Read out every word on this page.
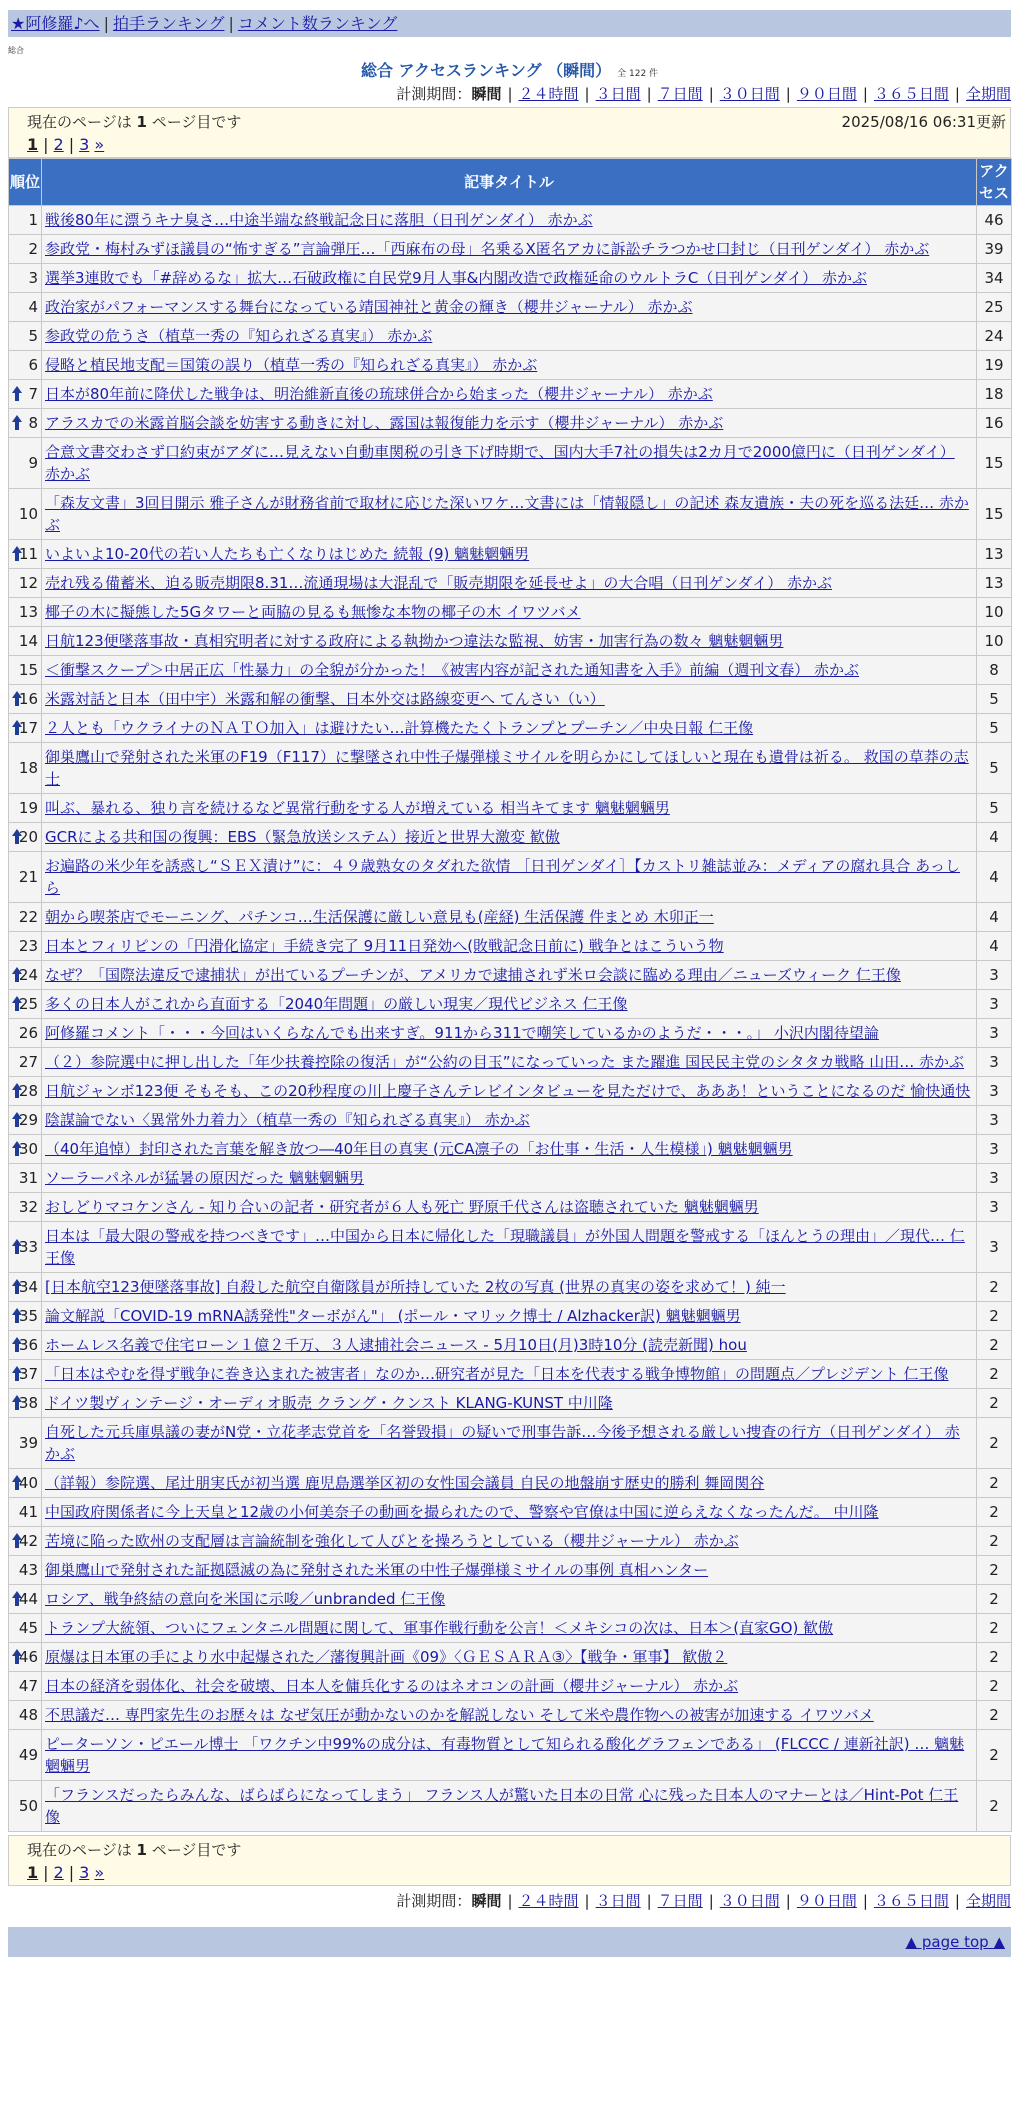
★阿修羅♪へ | 拍手ランキング | コメント数ランキング
総合
総合 アクセスランキング （瞬間） 全 122 件
計測期間：瞬間 | ２４時間 | ３日間 | ７日間 | ３０日間 | ９０日間 | ３６５日間 | 全期間
現在のページは 1 ページ目です	2025/08/16 06:31更新
1 | 2 | 3 »
順位	記事タイトル	アクセス
1	戦後80年に漂うキナ臭さ…中途半端な終戦記念日に落胆（日刊ゲンダイ） 赤かぶ	46
2	参政党・梅村みずほ議員の“怖すぎる”言論弾圧…「西麻布の母」名乗るX匿名アカに訴訟チラつかせ口封じ（日刊ゲンダイ） 赤かぶ	39
3	選挙3連敗でも「#辞めるな」拡大…石破政権に自民党9月人事&内閣改造で政権延命のウルトラC（日刊ゲンダイ） 赤かぶ	34
4	政治家がパフォーマンスする舞台になっている靖国神社と黄金の輝き（櫻井ジャーナル） 赤かぶ	25
5	参政党の危うさ（植草一秀の『知られざる真実』） 赤かぶ	24
6	侵略と植民地支配＝国策の誤り（植草一秀の『知られざる真実』） 赤かぶ	19

7	日本が80年前に降伏した戦争は、明治維新直後の琉球併合から始まった（櫻井ジャーナル） 赤かぶ	18

8	アラスカでの米露首脳会談を妨害する動きに対し、露国は報復能力を示す（櫻井ジャーナル） 赤かぶ	16
9	合意文書交わさず口約束がアダに…見えない自動車関税の引き下げ時期で、国内大手7社の損失は2カ月で2000億円に（日刊ゲンダイ） 赤かぶ	15
10	「森友文書」3回目開示 雅子さんが財務省前で取材に応じた深いワケ…文書には「情報隠し」の記述 森友遺族・夫の死を巡る法廷… 赤かぶ	15

11	いよいよ10-20代の若い人たちも亡くなりはじめた 続報 (9) 魑魅魍魎男	13
12	売れ残る備蓄米、迫る販売期限8.31…流通現場は大混乱で「販売期限を延長せよ」の大合唱（日刊ゲンダイ） 赤かぶ	13
13	椰子の木に擬態した5Gタワーと両脇の見るも無惨な本物の椰子の木 イワツバメ	10
14	日航123便墜落事故・真相究明者に対する政府による執拗かつ違法な監視、妨害・加害行為の数々 魑魅魍魎男	10
15	＜衝撃スクープ＞中居正広「性暴力」の全貌が分かった！《被害内容が記された通知書を入手》前編（週刊文春） 赤かぶ	8

16	米露対話と日本（田中宇）米露和解の衝撃、日本外交は路線変更へ てんさい（い）	5

17	２人とも「ウクライナのＮＡＴＯ加入」は避けたい…計算機たたくトランプとプーチン／中央日報 仁王像	5
18	御巣鷹山で発射された米軍のF19（F117）に撃墜され中性子爆弾様ミサイルを明らかにしてほしいと現在も遺骨は祈る。 救国の草莽の志士	5
19	叫ぶ、暴れる、独り言を続けるなど異常行動をする人が増えている 相当キてます 魑魅魍魎男	5

20	GCRによる共和国の復興：EBS（緊急放送システム）接近と世界大激変 歓傲	4
21	お遍路の米少年を誘惑し“ＳＥＸ漬け”に：４９歳熟女のタダれた欲情 ［日刊ゲンダイ］【カストリ雑誌並み：メディアの腐れ具合 あっしら	4
22	朝から喫茶店でモーニング、パチンコ…生活保護に厳しい意見も(産経) 生活保護 件まとめ 木卯正一	4
23	日本とフィリピンの「円滑化協定」手続き完了 9月11日発効へ(敗戦記念日前に) 戦争とはこういう物	4

24	なぜ？「国際法違反で逮捕状」が出ているプーチンが、アメリカで逮捕されず米ロ会談に臨める理由／ニューズウィーク 仁王像	3

25	多くの日本人がこれから直面する「2040年問題」の厳しい現実／現代ビジネス 仁王像	3
26	阿修羅コメント「・・・今回はいくらなんでも出来すぎ。911から311で嘲笑しているかのようだ・・・。」 小沢内閣待望論	3
27	（２）参院選中に押し出した「年少扶養控除の復活」が“公約の目玉”になっていった また躍進 国民民主党のシタタカ戦略 山田… 赤かぶ	3

28	日航ジャンボ123便 そもそも、この20秒程度の川上慶子さんテレビインタビューを見ただけで、あああ！ということになるのだ 愉快通快	3

29	陰謀論でない〈異常外力着力〉（植草一秀の『知られざる真実』） 赤かぶ	3

30	（40年追悼）封印された言葉を解き放つ―40年目の真実 (元CA凛子の「お仕事・生活・人生模様」) 魑魅魍魎男	3
31	ソーラーパネルが猛暑の原因だった 魑魅魍魎男	3
32	おしどりマコケンさん - 知り合いの記者・研究者が６人も死亡 野原千代さんは盗聴されていた 魑魅魍魎男	3

33	日本は「最大限の警戒を持つべきです」…中国から日本に帰化した「現職議員」が外国人問題を警戒する「ほんとうの理由」／現代… 仁王像	3

34	[日本航空123便墜落事故] 自殺した航空自衛隊員が所持していた 2枚の写真 (世界の真実の姿を求めて！) 純一	2

35	論文解説「COVID-19 mRNA誘発性"ターボがん"」 (ポール・マリック博士 / Alzhacker訳) 魑魅魍魎男	2

36	ホームレス名義で住宅ローン１億２千万、３人逮捕社会ニュース - 5月10日(月)3時10分 (読売新聞) hou	2

37	「日本はやむを得ず戦争に巻き込まれた被害者」なのか…研究者が見た「日本を代表する戦争博物館」の問題点／プレジデント 仁王像	2

38	ドイツ製ヴィンテージ・オーディオ販売 クラング・クンスト KLANG-KUNST 中川隆	2
39	自死した元兵庫県議の妻がN党・立花孝志党首を「名誉毀損」の疑いで刑事告訴…今後予想される厳しい捜査の行方（日刊ゲンダイ） 赤かぶ	2

40	（詳報）参院選、尾辻朋実氏が初当選 鹿児島選挙区初の女性国会議員 自民の地盤崩す歴史的勝利 舞岡関谷	2
41	中国政府関係者に今上天皇と12歳の小何美奈子の動画を撮られたので、警察や官僚は中国に逆らえなくなったんだ。 中川隆	2

42	苦境に陥った欧州の支配層は言論統制を強化して人びとを操ろうとしている（櫻井ジャーナル） 赤かぶ	2
43	御巣鷹山で発射された証拠隠滅の為に発射された米軍の中性子爆弾様ミサイルの事例 真相ハンター	2

44	ロシア、戦争終結の意向を米国に示唆／unbranded 仁王像	2
45	トランプ大統領、ついにフェンタニル問題に関して、軍事作戦行動を公言！＜メキシコの次は、日本＞(直家GO) 歓傲	2

46	原爆は日本軍の手により水中起爆された／藩復興計画《09》〈ＧＥＳＡＲＡ③〉【戦争・軍事】 歓傲２	2
47	日本の経済を弱体化、社会を破壊、日本人を傭兵化するのはネオコンの計画（櫻井ジャーナル） 赤かぶ	2
48	不思議だ… 専門家先生のお歴々は なぜ気圧が動かないのかを解説しない そして米や農作物への被害が加速する イワツバメ	2
49	ピーターソン・ピエール博士 「ワクチン中99%の成分は、有毒物質として知られる酸化グラフェンである」 (FLCCC / 連新社訳) … 魑魅魍魎男	2
50	「フランスだったらみんな、ばらばらになってしまう」 フランス人が驚いた日本の日常 心に残った日本人のマナーとは／Hint-Pot 仁王像	2
現在のページは 1 ページ目です
1 | 2 | 3 »
計測期間：瞬間 | ２４時間 | ３日間 | ７日間 | ３０日間 | ９０日間 | ３６５日間 | 全期間
▲ page top ▲
